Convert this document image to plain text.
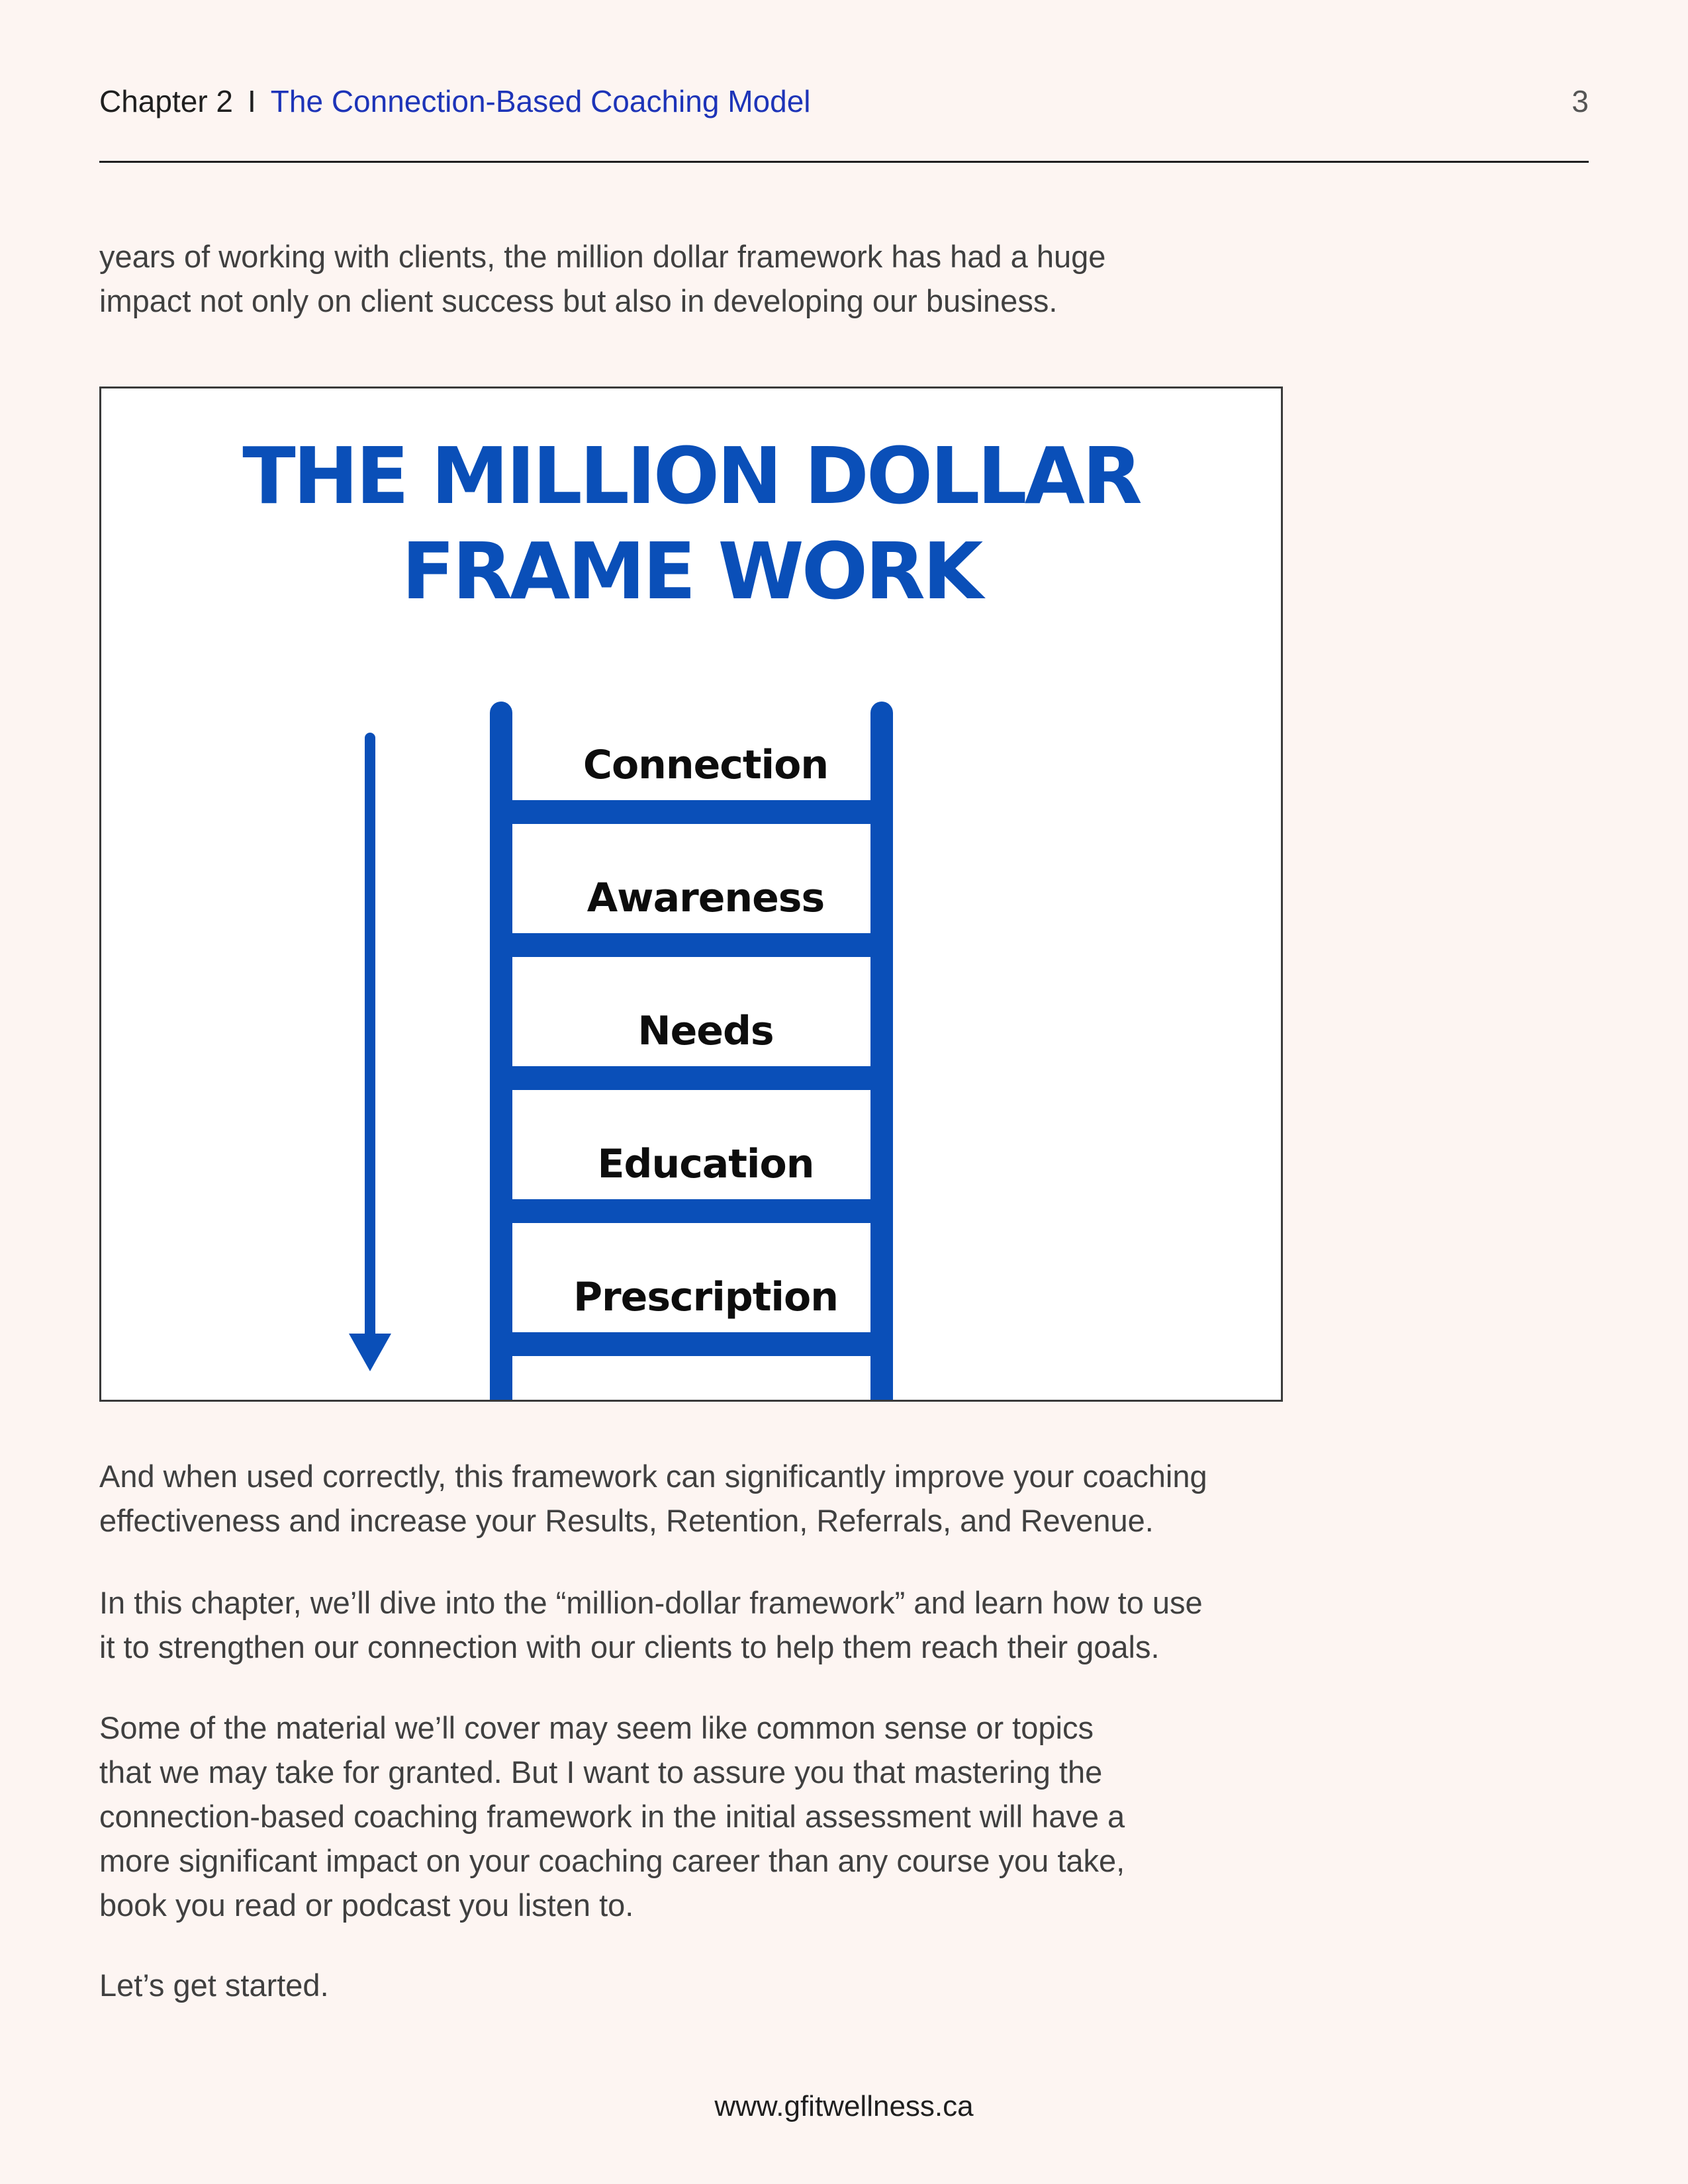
Chapter 2 I The Connection-Based Coaching Model	3

years of working with clients, the million dollar framework has had a huge
impact not only on client success but also in developing our business.

THE MILLION DOLLAR
FRAME WORK
Connection
Awareness
Needs
Education
Prescription

And when used correctly, this framework can significantly improve your coaching
effectiveness and increase your Results, Retention, Referrals, and Revenue.

In this chapter, we’ll dive into the “million-dollar framework” and learn how to use
it to strengthen our connection with our clients to help them reach their goals.

Some of the material we’ll cover may seem like common sense or topics
that we may take for granted. But I want to assure you that mastering the
connection-based coaching framework in the initial assessment will have a
more significant impact on your coaching career than any course you take,
book you read or podcast you listen to.

Let’s get started.

www.gfitwellness.ca
